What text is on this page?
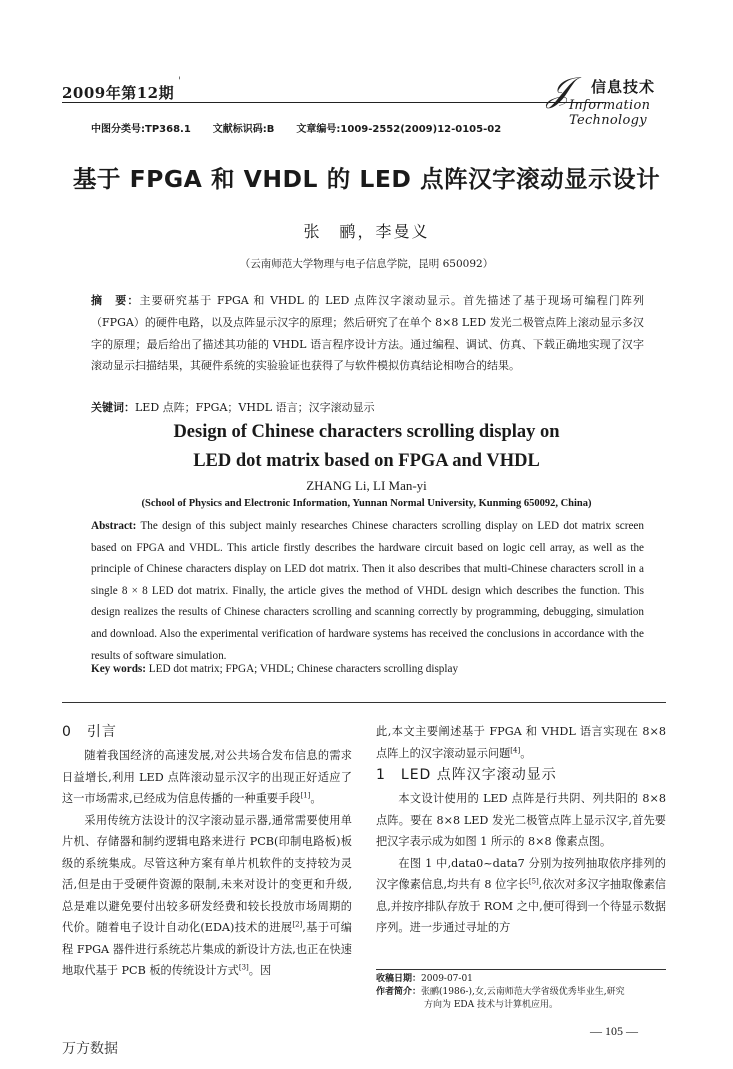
2009年第12期
'	𝒥 信息技术
Information Technology
中图分类号:TP368.1 文献标识码:B 文章编号:1009-2552(2009)12-0105-02
基于 FPGA 和 VHDL 的 LED 点阵汉字滚动显示设计
张　鹂，李曼义
（云南师范大学物理与电子信息学院，昆明 650092）
摘　要：主要研究基于 FPGA 和 VHDL 的 LED 点阵汉字滚动显示。首先描述了基于现场可编程门阵列（FPGA）的硬件电路，以及点阵显示汉字的原理；然后研究了在单个 8×8 LED 发光二极管点阵上滚动显示多汉字的原理；最后给出了描述其功能的 VHDL 语言程序设计方法。通过编程、调试、仿真、下载正确地实现了汉字滚动显示扫描结果，其硬件系统的实验验证也获得了与软件模拟仿真结论相吻合的结果。
关键词：LED 点阵；FPGA；VHDL 语言；汉字滚动显示
Design of Chinese characters scrolling display on
LED dot matrix based on FPGA and VHDL
ZHANG Li, LI Man-yi
(School of Physics and Electronic Information, Yunnan Normal University, Kunming 650092, China)
Abstract: The design of this subject mainly researches Chinese characters scrolling display on LED dot matrix screen based on FPGA and VHDL. This article firstly describes the hardware circuit based on logic cell array, as well as the principle of Chinese characters display on LED dot matrix. Then it also describes that multi-Chinese characters scroll in a single 8 × 8 LED dot matrix. Finally, the article gives the method of VHDL design which describes the function. This design realizes the results of Chinese characters scrolling and scanning correctly by programming, debugging, simulation and download. Also the experimental verification of hardware systems has received the conclusions in accordance with the results of software simulation.
Key words: LED dot matrix; FPGA; VHDL; Chinese characters scrolling display
0　引言

随着我国经济的高速发展,对公共场合发布信息的需求日益增长,利用 LED 点阵滚动显示汉字的出现正好适应了这一市场需求,已经成为信息传播的一种重要手段[1]。

采用传统方法设计的汉字滚动显示器,通常需要使用单片机、存储器和制约逻辑电路来进行 PCB(印制电路板)板级的系统集成。尽管这种方案有单片机软件的支持较为灵活,但是由于受硬件资源的限制,未来对设计的变更和升级,总是难以避免要付出较多研发经费和较长投放市场周期的代价。随着电子设计自动化(EDA)技术的进展[2],基于可编程 FPGA 器件进行系统芯片集成的新设计方法,也正在快速地取代基于 PCB 板的传统设计方式[3]。因

此,本文主要阐述基于 FPGA 和 VHDL 语言实现在 8×8点阵上的汉字滚动显示问题[4]。

1　LED 点阵汉字滚动显示

本文设计使用的 LED 点阵是行共阴、列共阳的 8×8点阵。要在 8×8 LED 发光二极管点阵上显示汉字,首先要把汉字表示成为如图 1 所示的 8×8 像素点图。

在图 1 中,data0~data7 分别为按列抽取依序排列的汉字像素信息,均共有 8 位字长[5],依次对多汉字抽取像素信息,并按序排队存放于 ROM 之中,便可得到一个待显示数据序列。进一步通过寻址的方

收稿日期：2009-07-01
作者简介：张鹂(1986-),女,云南师范大学省级优秀毕业生,研究
方向为 EDA 技术与计算机应用。
— 105 —
万方数据
